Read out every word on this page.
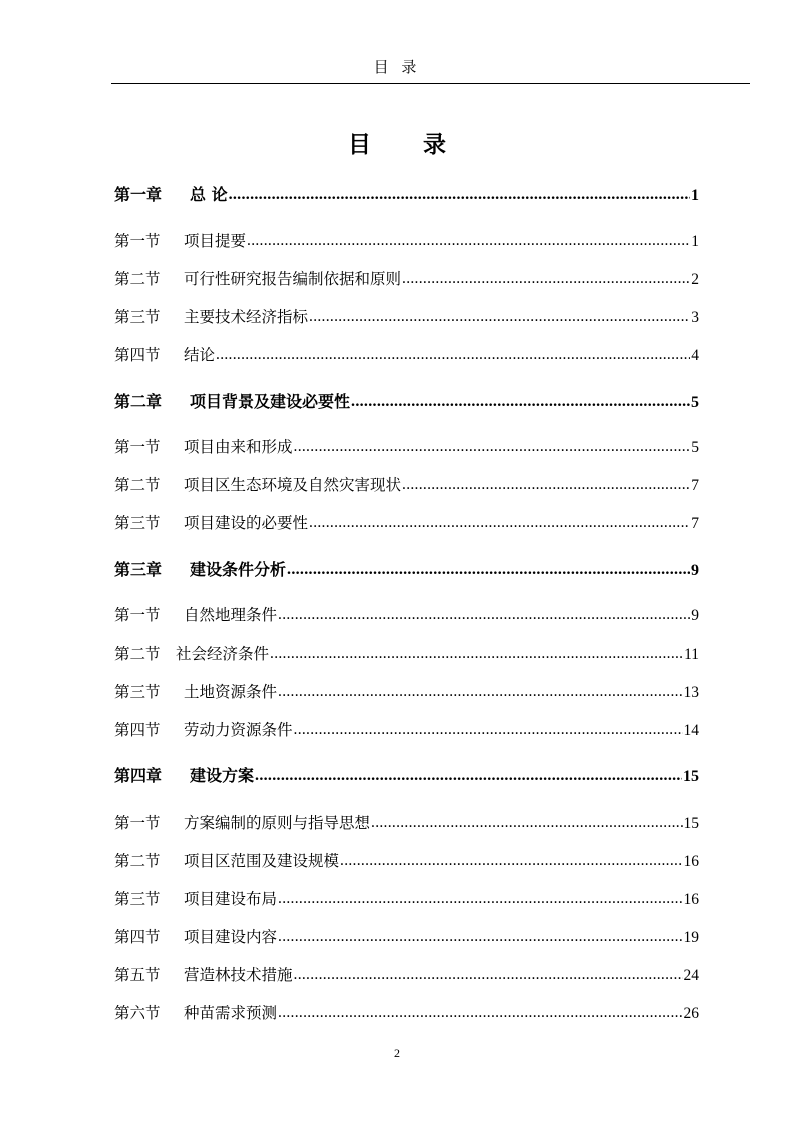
目 录
目 录
第一章	总 论 .....	1
第一节	项目提要 .....	1
第二节	可行性研究报告编制依据和原则 .....	2
第三节	主要技术经济指标 .....	3
第四节	结论 .....	4
第二章	项目背景及建设必要性 .....	5
第一节	项目由来和形成 .....	5
第二节	项目区生态环境及自然灾害现状 .....	7
第三节	项目建设的必要性 .....	7
第三章	建设条件分析 .....	9
第一节	自然地理条件 .....	9
第二节 社会经济条件 .....	11
第三节	土地资源条件 .....	13
第四节	劳动力资源条件 .....	14
第四章	建设方案 .....	15
第一节	方案编制的原则与指导思想 .....	15
第二节	项目区范围及建设规模 .....	16
第三节	项目建设布局 .....	16
第四节	项目建设内容 .....	19
第五节	营造林技术措施 .....	24
第六节	种苗需求预测 .....	26
2
